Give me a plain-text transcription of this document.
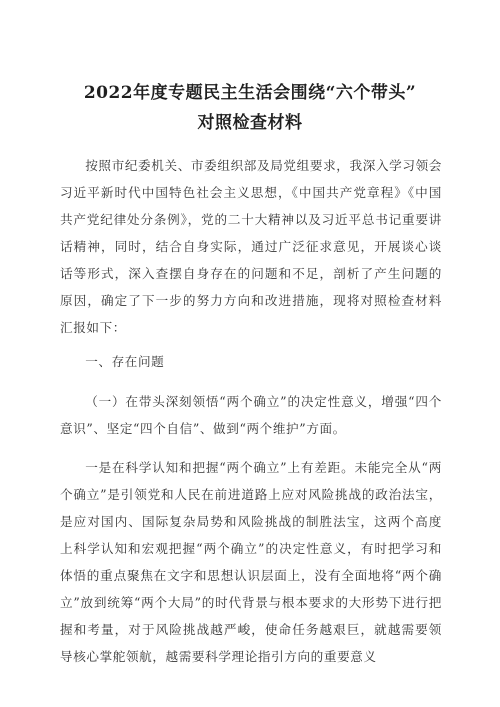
2022年度专题民主生活会围绕“六个带头”
对照检查材料
按照市纪委机关、市委组织部及局党组要求，我深入学习领会习近平新时代中国特色社会主义思想，《中国共产党章程》《中国共产党纪律处分条例》，党的二十大精神以及习近平总书记重要讲话精神，同时，结合自身实际，通过广泛征求意见，开展谈心谈话等形式，深入查摆自身存在的问题和不足，剖析了产生问题的原因，确定了下一步的努力方向和改进措施，现将对照检查材料汇报如下：
一、存在问题
（一）在带头深刻领悟“两个确立”的决定性意义，增强“四个意识”、坚定“四个自信”、做到“两个维护”方面。
一是在科学认知和把握“两个确立”上有差距。未能完全从“两个确立”是引领党和人民在前进道路上应对风险挑战的政治法宝，是应对国内、国际复杂局势和风险挑战的制胜法宝，这两个高度上科学认知和宏观把握“两个确立”的决定性意义，有时把学习和体悟的重点聚焦在文字和思想认识层面上，没有全面地将“两个确立”放到统筹“两个大局”的时代背景与根本要求的大形势下进行把握和考量，对于风险挑战越严峻，使命任务越艰巨，就越需要领导核心掌舵领航，越需要科学理论指引方向的重要意义
